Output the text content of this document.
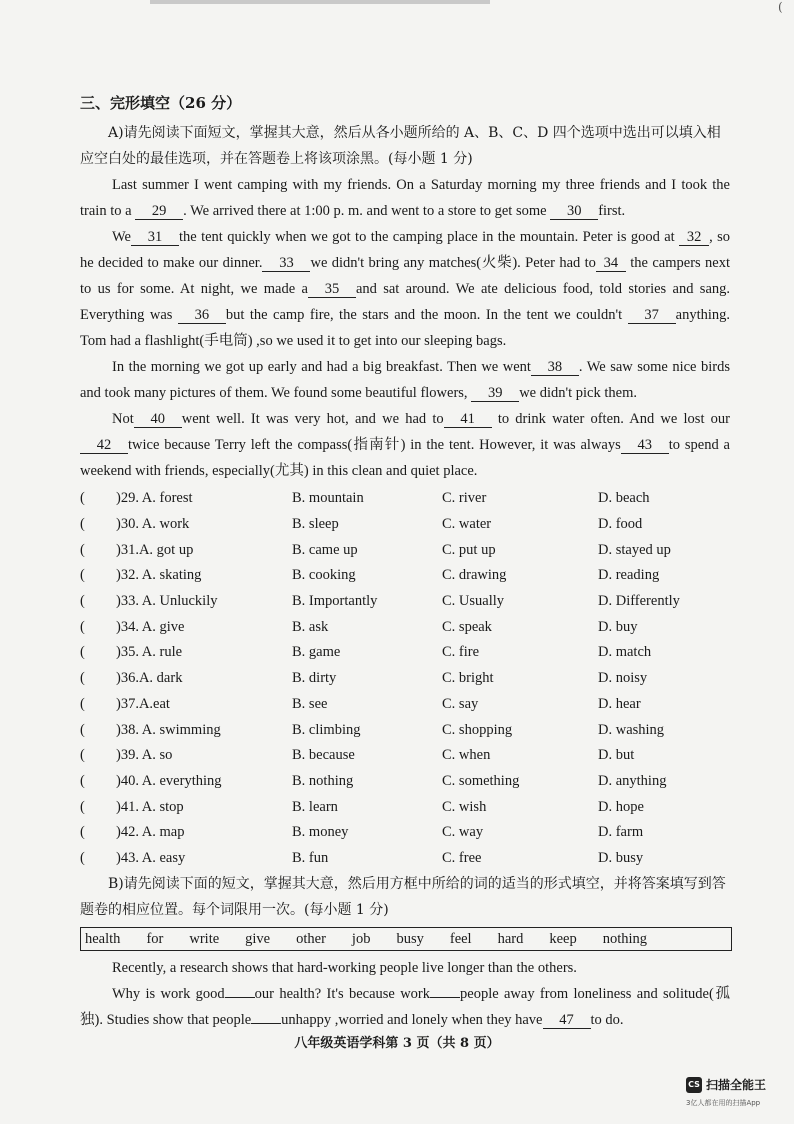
(
三、完形填空（26 分）

A)请先阅读下面短文，掌握其大意，然后从各小题所给的 A、B、C、D 四个选项中选出可以填入相应空白处的最佳选项，并在答题卷上将该项涂黑。(每小题 1 分)

Last summer I went camping with my friends. On a Saturday morning my three friends and I took the train to a 29 . We arrived there at 1:00 p. m. and went to a store to get some 30 first.

We 31 the tent quickly when we got to the camping place in the mountain. Peter is good at 32 , so he decided to make our dinner. 33 we didn't bring any matches(火柴). Peter had to 34 the campers next to us for some. At night, we made a 35 and sat around. We ate delicious food, told stories and sang. Everything was 36 but the camp fire, the stars and the moon. In the tent we couldn't 37 anything. Tom had a flashlight(手电筒) ,so we used it to get into our sleeping bags.

In the morning we got up early and had a big breakfast. Then we went 38 . We saw some nice birds and took many pictures of them. We found some beautiful flowers, 39 we didn't pick them.

Not 40 went well. It was very hot, and we had to 41 to drink water often. And we lost our42 twice because Terry left the compass(指南针) in the tent. However, it was always 43 to spend a weekend with friends, especially(尤其) in this clean and quiet place.

(	)29. A. forest	B. mountain	C. river	D. beach
(	)30. A. work	B. sleep	C. water	D. food
(	)31.A. got up	B. came up	C. put up	D. stayed up
(	)32. A. skating	B. cooking	C. drawing	D. reading
(	)33. A. Unluckily	B. Importantly	C. Usually	D. Differently
(	)34. A. give	B. ask	C. speak	D. buy
(	)35. A. rule	B. game	C. fire	D. match
(	)36.A. dark	B. dirty	C. bright	D. noisy
(	)37.A.eat	B. see	C. say	D. hear
(	)38. A. swimming	B. climbing	C. shopping	D. washing
(	)39. A. so	B. because	C. when	D. but
(	)40. A. everything	B. nothing	C. something	D. anything
(	)41. A. stop	B. learn	C. wish	D. hope
(	)42. A. map	B. money	C. way	D. farm
(	)43. A. easy	B. fun	C. free	D. busy

B)请先阅读下面的短文，掌握其大意，然后用方框中所给的词的适当的形式填空，并将答案填写到答题卷的相应位置。每个词限用一次。(每小题 1 分)

health for write give other job busy feel hard keep nothing

Recently, a research shows that hard-working people live longer than the others.

Why is work good our health? It's because work people away from loneliness and solitude(孤独). Studies show that people unhappy ,worried and lonely when they have 47 to do.

八年级英语学科第 3 页（共 8 页）
CS 扫描全能王
3亿人都在用的扫描App
